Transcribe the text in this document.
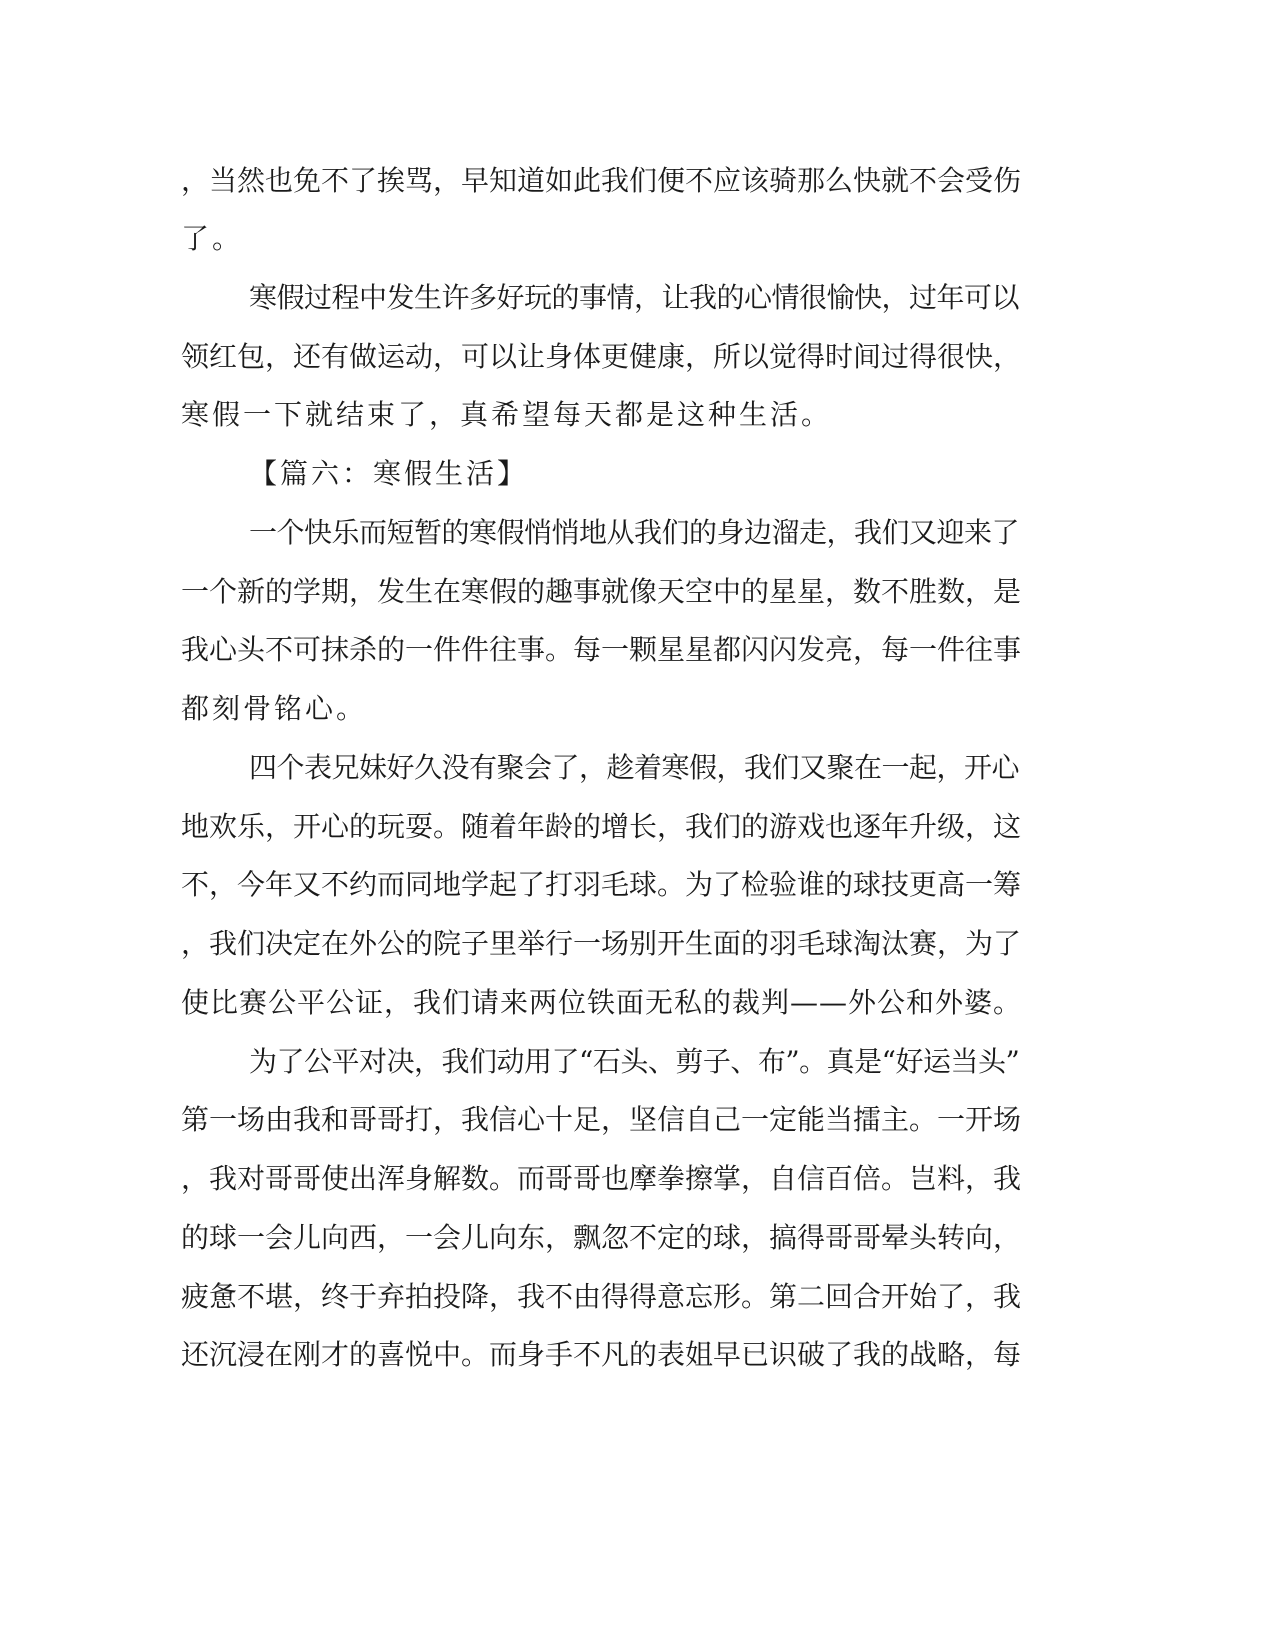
，当然也免不了挨骂，早知道如此我们便不应该骑那么快就不会受伤

了。

寒假过程中发生许多好玩的事情，让我的心情很愉快，过年可以

领红包，还有做运动，可以让身体更健康，所以觉得时间过得很快，

寒假一下就结束了，真希望每天都是这种生活。

【篇六：寒假生活】

一个快乐而短暂的寒假悄悄地从我们的身边溜走，我们又迎来了

一个新的学期，发生在寒假的趣事就像天空中的星星，数不胜数，是

我心头不可抹杀的一件件往事。每一颗星星都闪闪发亮，每一件往事

都刻骨铭心。

四个表兄妹好久没有聚会了，趁着寒假，我们又聚在一起，开心

地欢乐，开心的玩耍。随着年龄的增长，我们的游戏也逐年升级，这

不，今年又不约而同地学起了打羽毛球。为了检验谁的球技更高一筹

，我们决定在外公的院子里举行一场别开生面的羽毛球淘汰赛，为了

使比赛公平公证，我们请来两位铁面无私的裁判——外公和外婆。

为了公平对决，我们动用了“石头、剪子、布”。真是“好运当头”

第一场由我和哥哥打，我信心十足，坚信自己一定能当擂主。一开场

，我对哥哥使出浑身解数。而哥哥也摩拳擦掌，自信百倍。岂料，我

的球一会儿向西，一会儿向东，飘忽不定的球，搞得哥哥晕头转向，

疲惫不堪，终于弃拍投降，我不由得得意忘形。第二回合开始了，我

还沉浸在刚才的喜悦中。而身手不凡的表姐早已识破了我的战略，每
